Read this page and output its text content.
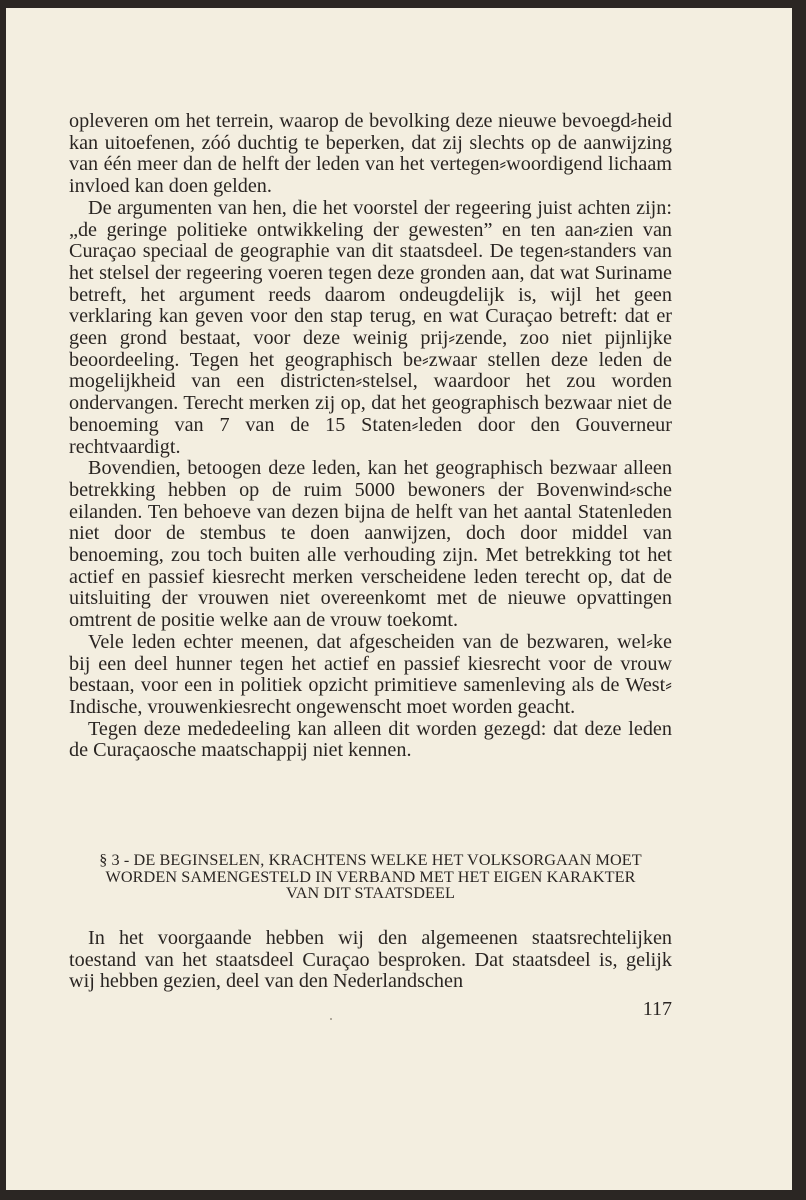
opleveren om het terrein, waarop de bevolking deze nieuwe bevoegd⸗heid kan uitoefenen, zóó duchtig te beperken, dat zij slechts op de aanwijzing van één meer dan de helft der leden van het vertegen⸗woordigend lichaam invloed kan doen gelden.

De argumenten van hen, die het voorstel der regeering juist achten zijn: „de geringe politieke ontwikkeling der gewesten” en ten aan⸗zien van Curaçao speciaal de geographie van dit staatsdeel. De tegen⸗standers van het stelsel der regeering voeren tegen deze gronden aan, dat wat Suriname betreft, het argument reeds daarom ondeugdelijk is, wijl het geen verklaring kan geven voor den stap terug, en wat Curaçao betreft: dat er geen grond bestaat, voor deze weinig prij⸗zende, zoo niet pijnlijke beoordeeling. Tegen het geographisch be⸗zwaar stellen deze leden de mogelijkheid van een districten⸗stelsel, waardoor het zou worden ondervangen. Terecht merken zij op, dat het geographisch bezwaar niet de benoeming van 7 van de 15 Staten⸗leden door den Gouverneur rechtvaardigt.

Bovendien, betoogen deze leden, kan het geographisch bezwaar alleen betrekking hebben op de ruim 5000 bewoners der Bovenwind⸗sche eilanden. Ten behoeve van dezen bijna de helft van het aantal Statenleden niet door de stembus te doen aanwijzen, doch door middel van benoeming, zou toch buiten alle verhouding zijn. Met betrekking tot het actief en passief kiesrecht merken verscheidene leden terecht op, dat de uitsluiting der vrouwen niet overeenkomt met de nieuwe opvattingen omtrent de positie welke aan de vrouw toekomt.

Vele leden echter meenen, dat afgescheiden van de bezwaren, wel⸗ke bij een deel hunner tegen het actief en passief kiesrecht voor de vrouw bestaan, voor een in politiek opzicht primitieve samenleving als de West⸗Indische, vrouwenkiesrecht ongewenscht moet worden geacht.

Tegen deze mededeeling kan alleen dit worden gezegd: dat deze leden de Curaçaosche maatschappij niet kennen.

§ 3 - DE BEGINSELEN, KRACHTENS WELKE HET VOLKSORGAAN MOET
WORDEN SAMENGESTELD IN VERBAND MET HET EIGEN KARAKTER
VAN DIT STAATSDEEL

In het voorgaande hebben wij den algemeenen staatsrechtelijken toestand van het staatsdeel Curaçao besproken. Dat staatsdeel is, gelijk wij hebben gezien, deel van den Nederlandschen

117
